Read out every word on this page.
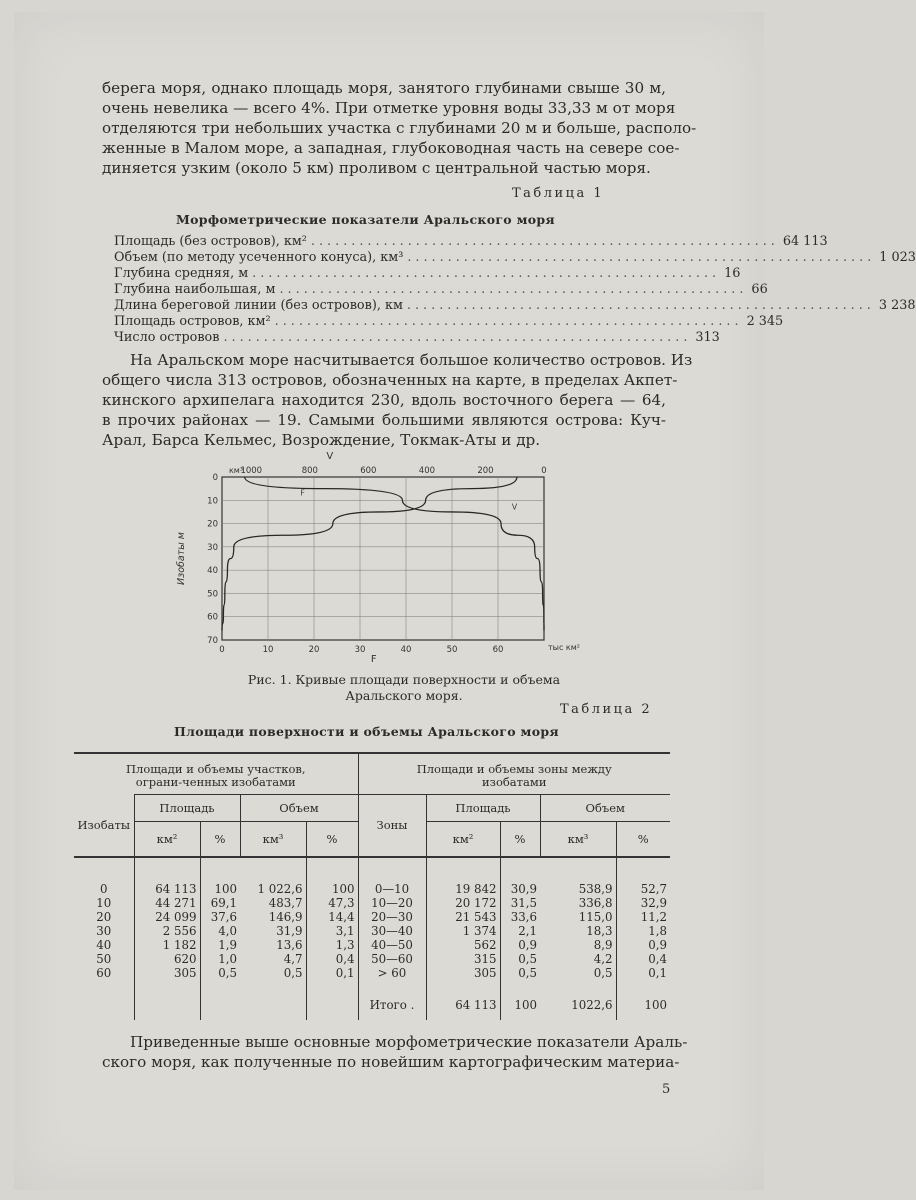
берега моря, однако площадь моря, занятого глубинами свыше 30 м,
очень невелика — всего 4%. При отметке уровня воды 33,33 м от моря
отделяются три небольших участка с глубинами 20 м и больше, располо-
женные в Малом море, а западная, глубоководная часть на севере сое-
диняется узким (около 5 км) проливом с центральной частью моря.

Таблица 1
Морфометрические показатели Аральского моря
Площадь (без островов), км² .......................................................... 64 113
Объем (по методу усеченного конуса), км³ .......................................................... 1 023
Глубина средняя, м .......................................................... 16
Глубина наибольшая, м .......................................................... 66
Длина береговой линии (без островов), км .......................................................... 3 238
Площадь островов, км² .......................................................... 2 345
Число островов .......................................................... 313

На Аральском море насчитывается большое количество островов. Из
общего числа 313 островов, обозначенных на карте, в пределах Акпет-
кинского архипелага находится 230, вдоль восточного берега — 64,
в прочих районах — 19. Самыми большими являются острова: Куч-
Арал, Барса Кельмес, Возрождение, Токмак-Аты и др.

0
10
20
30
40
50
60
70
0	10	20	30	40	50	60	тыс км²
F
1000	800	600	400	200	0
км³
V
Изобаты м
F
V
Рис. 1. Кривые площади поверхности и объема
Аральского моря.
Таблица 2
Площади поверхности и объемы Аральского моря
Площади и объемы участков, ограни-ченных изобатами					Площади и объемы зоны между изобатами				
Изобаты	Площадь		Объем		Зоны	Площадь		Объем	
	км²	%	км³	%		км²	%	км³	%

0	64 113	100	1 022,6	100	0—10	19 842	30,9	538,9	52,7
10	44 271	69,1	483,7	47,3	10—20	20 172	31,5	336,8	32,9
20	24 099	37,6	146,9	14,4	20—30	21 543	33,6	115,0	11,2
30	2 556	4,0	31,9	3,1	30—40	1 374	2,1	18,3	1,8
40	1 182	1,9	13,6	1,3	40—50	562	0,9	8,9	0,9
50	620	1,0	4,7	0,4	50—60	315	0,5	4,2	0,4
60	305	0,5	0,5	0,1	> 60	305	0,5	0,5	0,1
					Итого .	64 113	100	1022,6	100

Приведенные выше основные морфометрические показатели Араль-
ского моря, как полученные по новейшим картографическим материа-

5
